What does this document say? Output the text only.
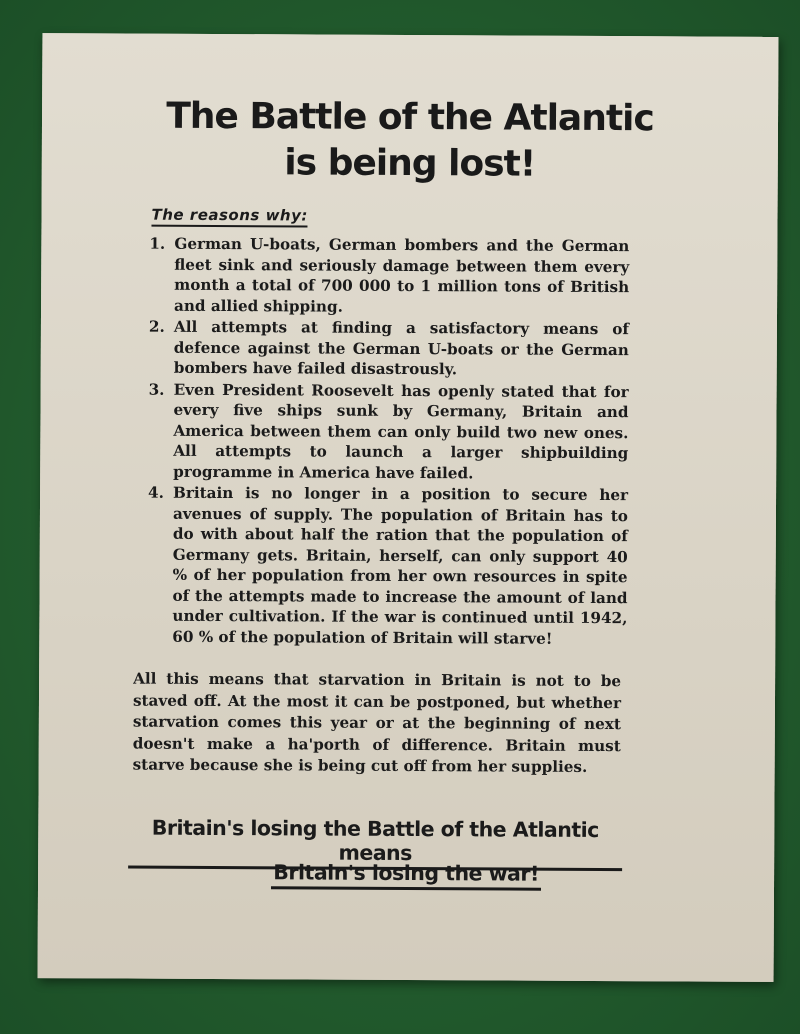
The Battle of the Atlantic
is being lost!

The reasons why:

1. German U-boats, German bombers and the German fleet sink and seriously damage between them every month a total of 700 000 to 1 million tons of British and allied shipping.
2. All attempts at finding a satisfactory means of defence against the German U-boats or the German bombers have failed disastrously.
3. Even President Roosevelt has openly stated that for every five ships sunk by Germany, Britain and America between them can only build two new ones. All attempts to launch a larger shipbuilding programme in America have failed.
4. Britain is no longer in a position to secure her avenues of supply. The population of Britain has to do with about half the ration that the population of Germany gets. Britain, herself, can only support 40 % of her population from her own resources in spite of the attempts made to increase the amount of land under cultivation. If the war is continued until 1942, 60 % of the population of Britain will starve!

All this means that starvation in Britain is not to be staved off. At the most it can be postponed, but whether starvation comes this year or at the beginning of next doesn't make a ha'porth of difference. Britain must starve because she is being cut off from her supplies.

Britain's losing the Battle of the Atlantic means

Britain's losing the war!
